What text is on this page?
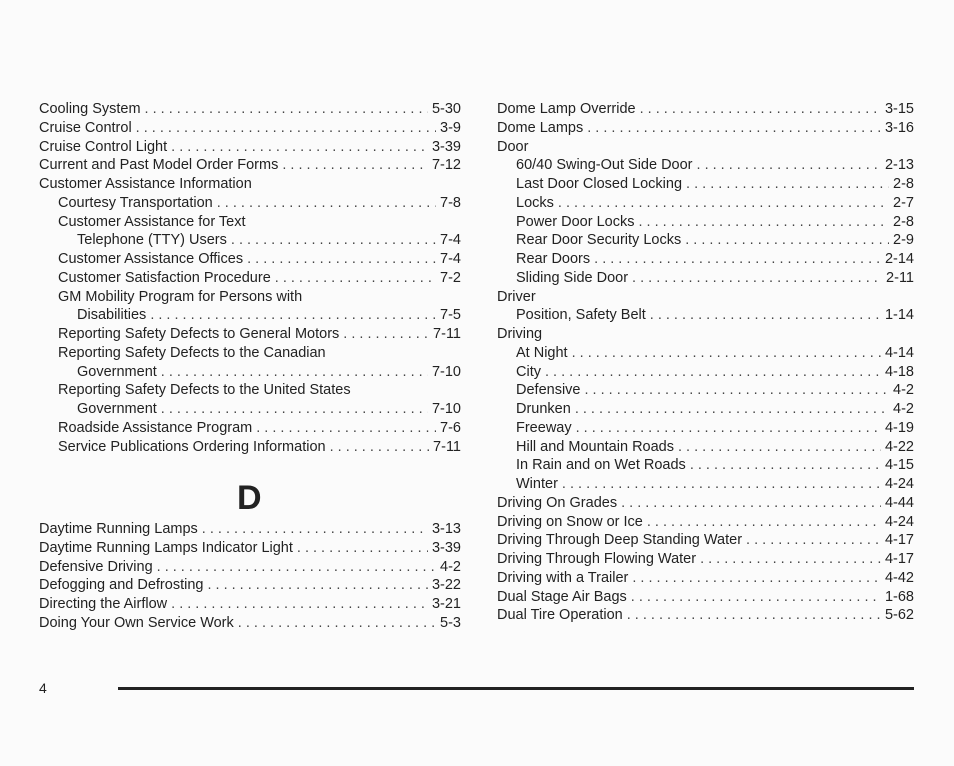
Cooling System . . .	5-30
Cruise Control . . .	3-9
Cruise Control Light . . .	3-39
Current and Past Model Order Forms . . .	7-12
Customer Assistance Information
Courtesy Transportation . . .	7-8
Customer Assistance for Text
Telephone (TTY) Users . . .	7-4
Customer Assistance Offices . . .	7-4
Customer Satisfaction Procedure . . .	7-2
GM Mobility Program for Persons with
Disabilities . . .	7-5
Reporting Safety Defects to General Motors . . .	7-11
Reporting Safety Defects to the Canadian
Government . . .	7-10
Reporting Safety Defects to the United States
Government . . .	7-10
Roadside Assistance Program . . .	7-6
Service Publications Ordering Information . . .	7-11
D
Daytime Running Lamps . . .	3-13
Daytime Running Lamps Indicator Light . . .	3-39
Defensive Driving . . .	4-2
Defogging and Defrosting . . .	3-22
Directing the Airflow . . .	3-21
Doing Your Own Service Work . . .	5-3
Dome Lamp Override . . .	3-15
Dome Lamps . . .	3-16
Door
60/40 Swing-Out Side Door . . .	2-13
Last Door Closed Locking . . .	2-8
Locks . . .	2-7
Power Door Locks . . .	2-8
Rear Door Security Locks . . .	2-9
Rear Doors . . .	2-14
Sliding Side Door . . .	2-11
Driver
Position, Safety Belt . . .	1-14
Driving
At Night . . .	4-14
City . . .	4-18
Defensive . . .	4-2
Drunken . . .	4-2
Freeway . . .	4-19
Hill and Mountain Roads . . .	4-22
In Rain and on Wet Roads . . .	4-15
Winter . . .	4-24
Driving On Grades . . .	4-44
Driving on Snow or Ice . . .	4-24
Driving Through Deep Standing Water . . .	4-17
Driving Through Flowing Water . . .	4-17
Driving with a Trailer . . .	4-42
Dual Stage Air Bags . . .	1-68
Dual Tire Operation . . .	5-62
4
